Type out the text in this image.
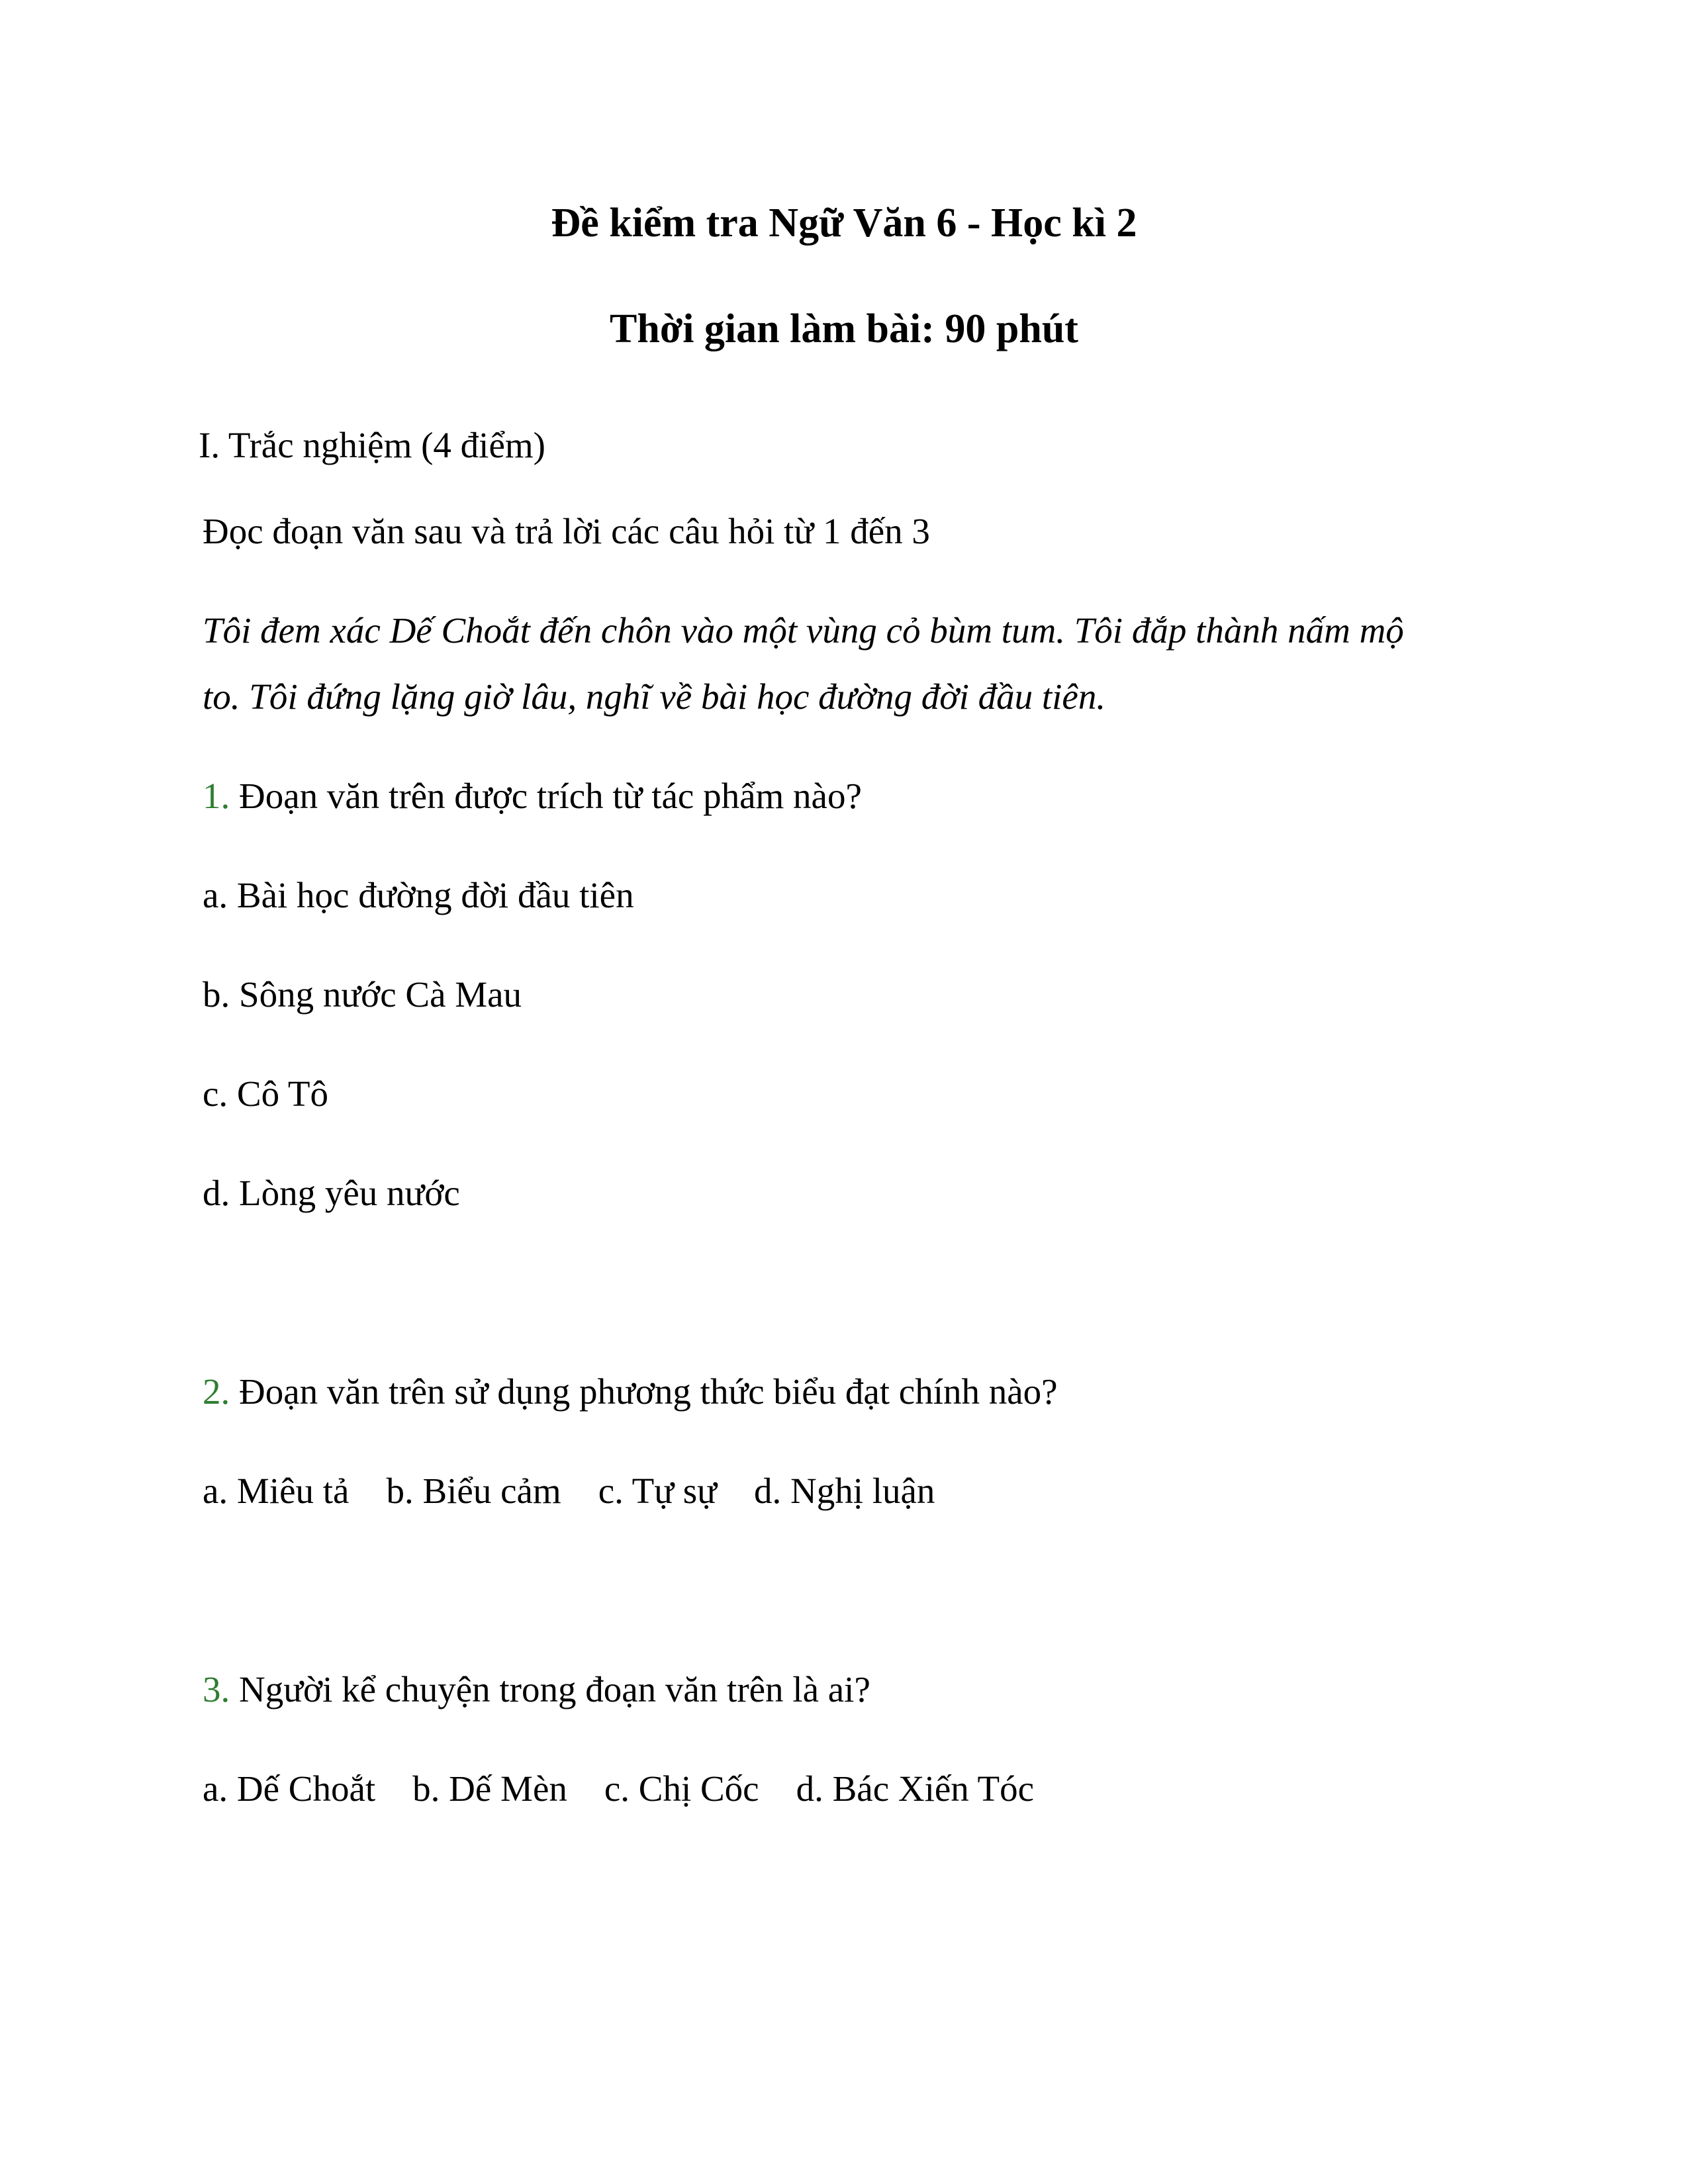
Đề kiểm tra Ngữ Văn 6 - Học kì 2
Thời gian làm bài: 90 phút
I. Trắc nghiệm (4 điểm)
Đọc đoạn văn sau và trả lời các câu hỏi từ 1 đến 3
Tôi đem xác Dế Choắt đến chôn vào một vùng cỏ bùm tum. Tôi đắp thành nấm mộ
to. Tôi đứng lặng giờ lâu, nghĩ về bài học đường đời đầu tiên.
1. Đoạn văn trên được trích từ tác phẩm nào?
a. Bài học đường đời đầu tiên
b. Sông nước Cà Mau
c. Cô Tô
d. Lòng yêu nước
2. Đoạn văn trên sử dụng phương thức biểu đạt chính nào?
a. Miêu tả b. Biểu cảm c. Tự sự d. Nghị luận
3. Người kể chuyện trong đoạn văn trên là ai?
a. Dế Choắt b. Dế Mèn c. Chị Cốc d. Bác Xiến Tóc
